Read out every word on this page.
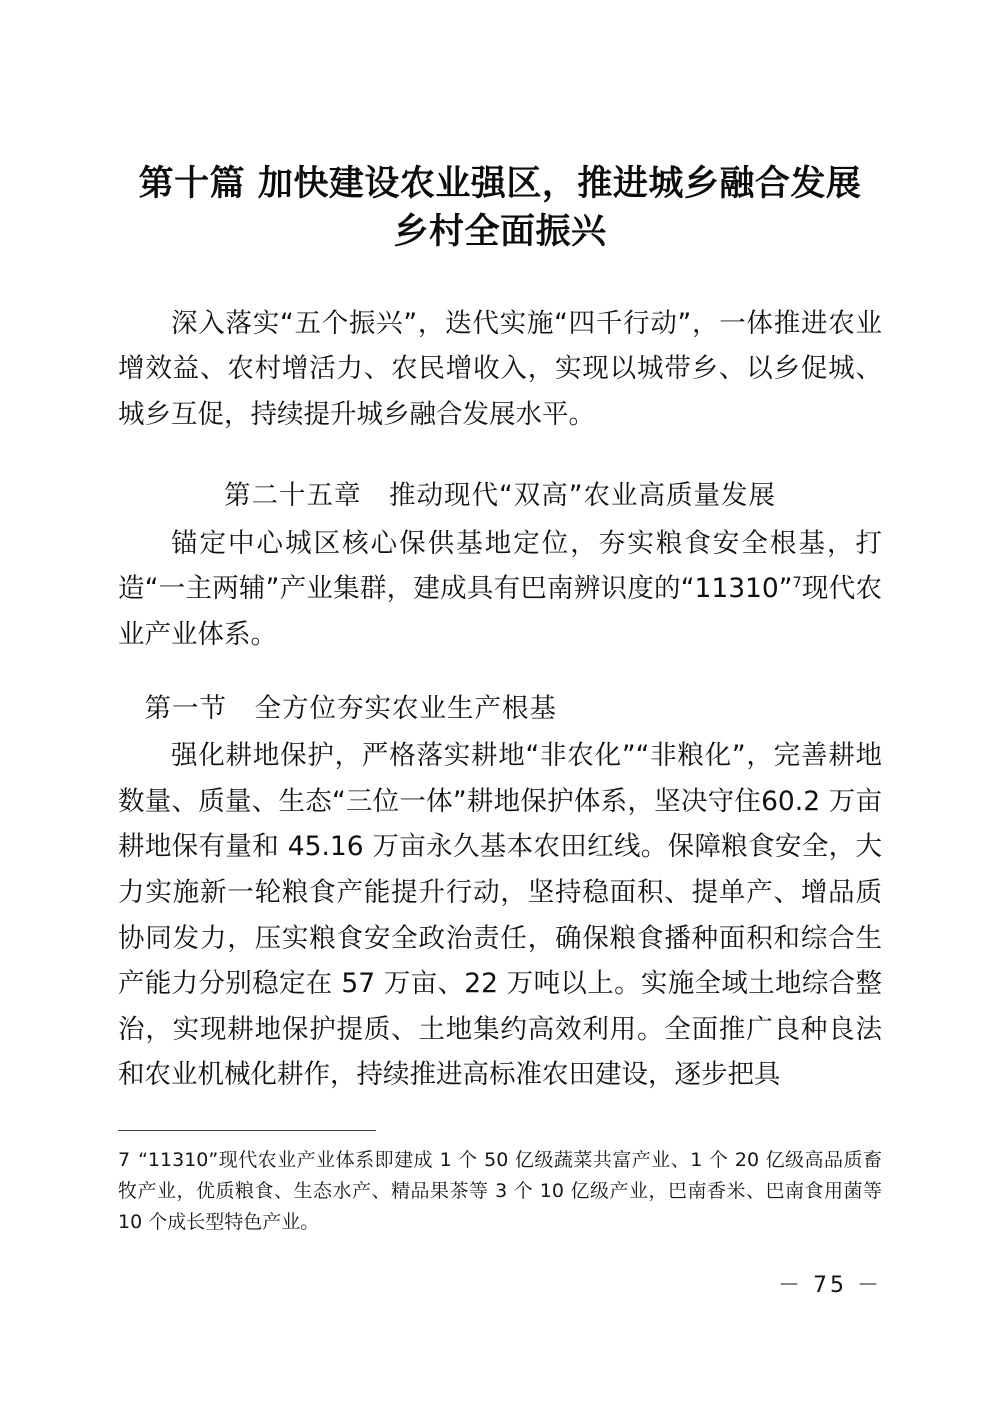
第十篇 加快建设农业强区，推进城乡融合发展
乡村全面振兴

深入落实“五个振兴”，迭代实施“四千行动”，一体推进农业增效益、农村增活力、农民增收入，实现以城带乡、以乡促城、城乡互促，持续提升城乡融合发展水平。

第二十五章　推动现代“双高”农业高质量发展

锚定中心城区核心保供基地定位，夯实粮食安全根基，打造“一主两辅”产业集群，建成具有巴南辨识度的“11310”$^7$现代农业产业体系。

第一节　全方位夯实农业生产根基

强化耕地保护，严格落实耕地“非农化”“非粮化”，完善耕地数量、质量、生态“三位一体”耕地保护体系，坚决守住60.2 万亩耕地保有量和 45.16 万亩永久基本农田红线。保障粮食安全，大力实施新一轮粮食产能提升行动，坚持稳面积、提单产、增品质协同发力，压实粮食安全政治责任，确保粮食播种面积和综合生产能力分别稳定在 57 万亩、22 万吨以上。实施全域土地综合整治，实现耕地保护提质、土地集约高效利用。全面推广良种良法和农业机械化耕作，持续推进高标准农田建设，逐步把具

7 “11310”现代农业产业体系即建成 1 个 50 亿级蔬菜共富产业、1 个 20 亿级高品质畜牧产业，优质粮食、生态水产、精品果茶等 3 个 10 亿级产业，巴南香米、巴南食用菌等 10 个成长型特色产业。

－ 75 －
